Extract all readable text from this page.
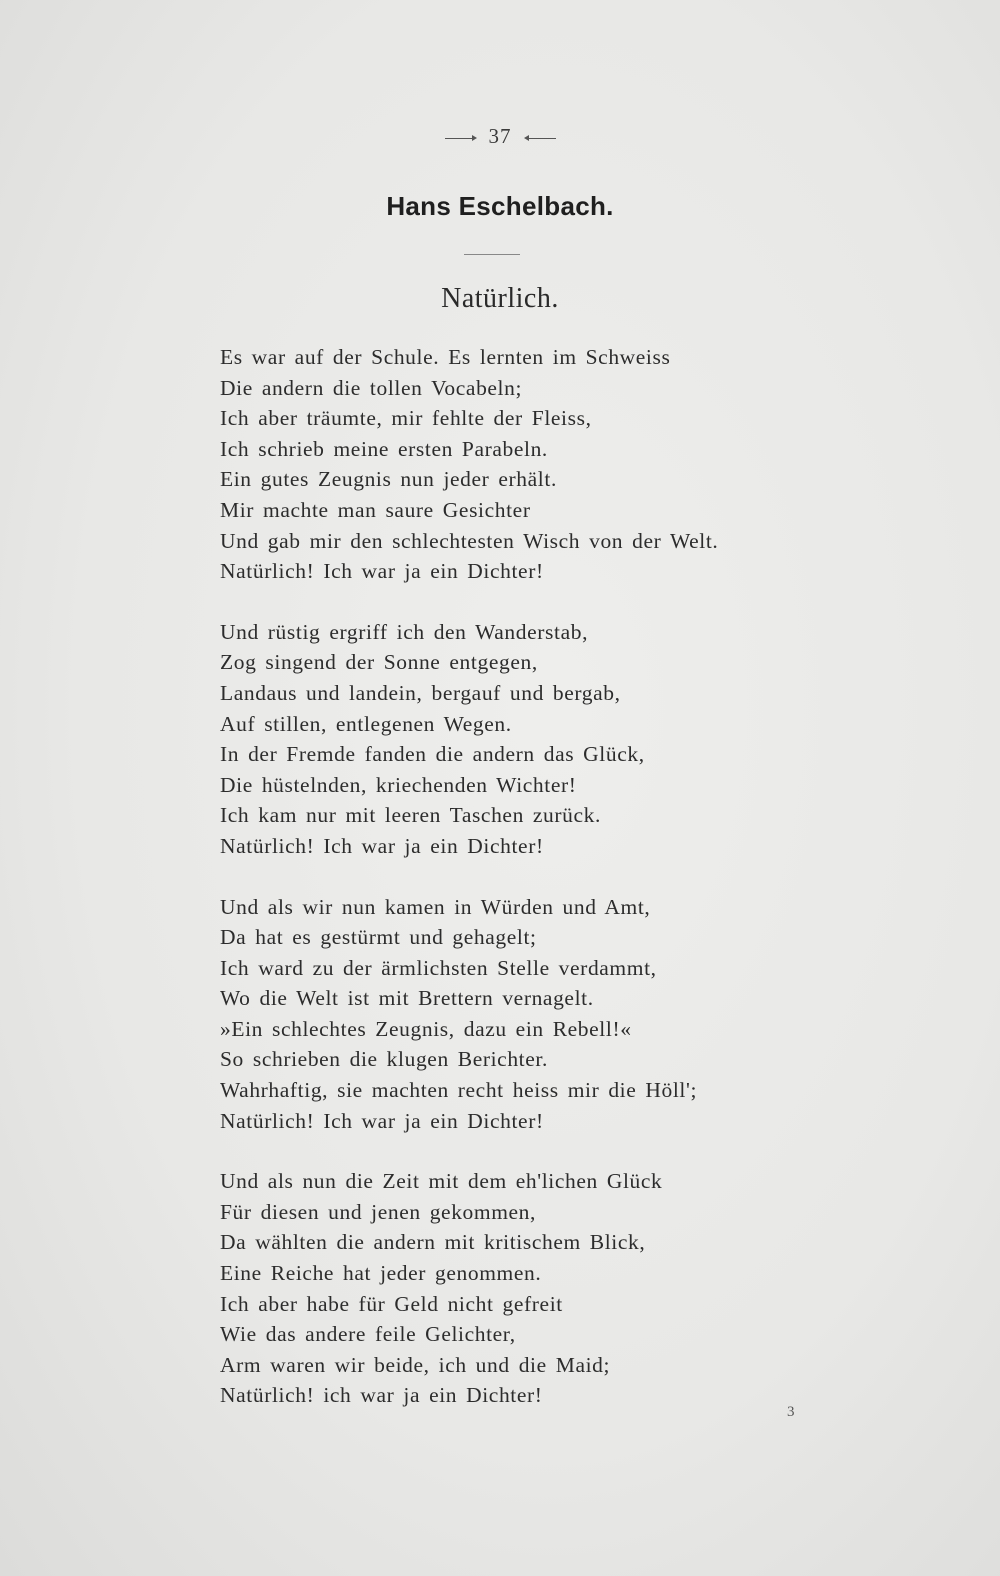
37
Hans Eschelbach.
Natürlich.
Es war auf der Schule. Es lernten im Schweiss
Die andern die tollen Vocabeln;
Ich aber träumte, mir fehlte der Fleiss,
Ich schrieb meine ersten Parabeln.
Ein gutes Zeugnis nun jeder erhält.
Mir machte man saure Gesichter
Und gab mir den schlechtesten Wisch von der Welt.
Natürlich! Ich war ja ein Dichter!
Und rüstig ergriff ich den Wanderstab,
Zog singend der Sonne entgegen,
Landaus und landein, bergauf und bergab,
Auf stillen, entlegenen Wegen.
In der Fremde fanden die andern das Glück,
Die hüstelnden, kriechenden Wichter!
Ich kam nur mit leeren Taschen zurück.
Natürlich! Ich war ja ein Dichter!
Und als wir nun kamen in Würden und Amt,
Da hat es gestürmt und gehagelt;
Ich ward zu der ärmlichsten Stelle verdammt,
Wo die Welt ist mit Brettern vernagelt.
»Ein schlechtes Zeugnis, dazu ein Rebell!«
So schrieben die klugen Berichter.
Wahrhaftig, sie machten recht heiss mir die Höll';
Natürlich! Ich war ja ein Dichter!
Und als nun die Zeit mit dem eh'lichen Glück
Für diesen und jenen gekommen,
Da wählten die andern mit kritischem Blick,
Eine Reiche hat jeder genommen.
Ich aber habe für Geld nicht gefreit
Wie das andere feile Gelichter,
Arm waren wir beide, ich und die Maid;
Natürlich! ich war ja ein Dichter!
3
